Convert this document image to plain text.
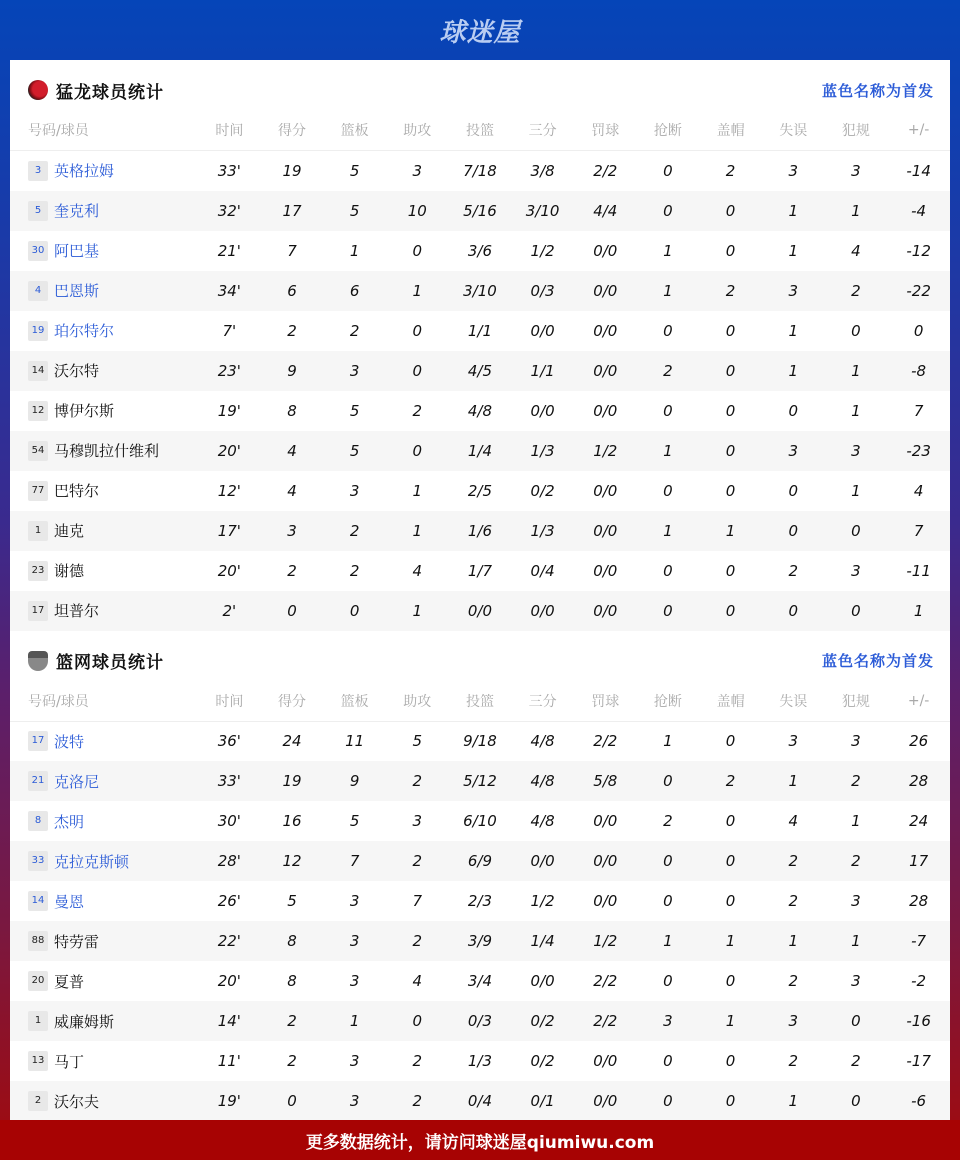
球迷屋
猛龙球员统计	蓝色名称为首发
号码/球员	时间	得分	篮板	助攻	投篮	三分	罚球	抢断	盖帽	失误	犯规	+/-
3 英格拉姆	33'	19	5	3	7/18	3/8	2/2	0	2	3	3	-14
5 奎克利	32'	17	5	10	5/16	3/10	4/4	0	0	1	1	-4
30 阿巴基	21'	7	1	0	3/6	1/2	0/0	1	0	1	4	-12
4 巴恩斯	34'	6	6	1	3/10	0/3	0/0	1	2	3	2	-22
19 珀尔特尔	7'	2	2	0	1/1	0/0	0/0	0	0	1	0	0
14 沃尔特	23'	9	3	0	4/5	1/1	0/0	2	0	1	1	-8
12 博伊尔斯	19'	8	5	2	4/8	0/0	0/0	0	0	0	1	7
54 马穆凯拉什维利	20'	4	5	0	1/4	1/3	1/2	1	0	3	3	-23
77 巴特尔	12'	4	3	1	2/5	0/2	0/0	0	0	0	1	4
1 迪克	17'	3	2	1	1/6	1/3	0/0	1	1	0	0	7
23 谢德	20'	2	2	4	1/7	0/4	0/0	0	0	2	3	-11
17 坦普尔	2'	0	0	1	0/0	0/0	0/0	0	0	0	0	1
篮网球员统计	蓝色名称为首发
号码/球员	时间	得分	篮板	助攻	投篮	三分	罚球	抢断	盖帽	失误	犯规	+/-
17 波特	36'	24	11	5	9/18	4/8	2/2	1	0	3	3	26
21 克洛尼	33'	19	9	2	5/12	4/8	5/8	0	2	1	2	28
8 杰明	30'	16	5	3	6/10	4/8	0/0	2	0	4	1	24
33 克拉克斯顿	28'	12	7	2	6/9	0/0	0/0	0	0	2	2	17
14 曼恩	26'	5	3	7	2/3	1/2	0/0	0	0	2	3	28
88 特劳雷	22'	8	3	2	3/9	1/4	1/2	1	1	1	1	-7
20 夏普	20'	8	3	4	3/4	0/0	2/2	0	0	2	3	-2
1 威廉姆斯	14'	2	1	0	0/3	0/2	2/2	3	1	3	0	-16
13 马丁	11'	2	3	2	1/3	0/2	0/0	0	0	2	2	-17
2 沃尔夫	19'	0	3	2	0/4	0/1	0/0	0	0	1	0	-6
更多数据统计，请访问球迷屋qiumiwu.com
